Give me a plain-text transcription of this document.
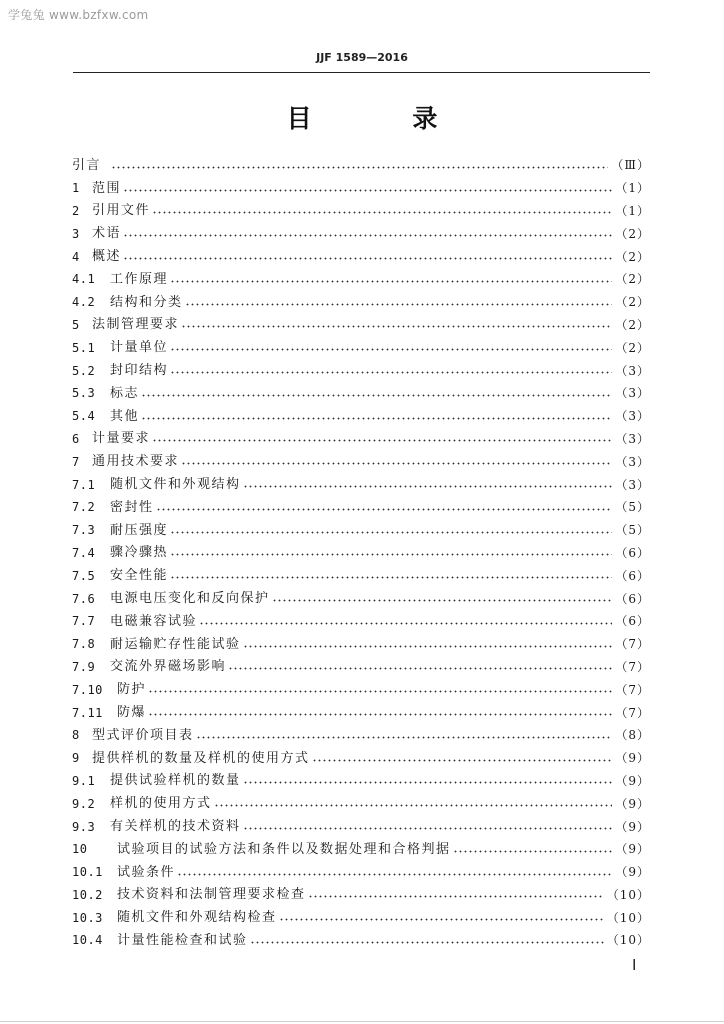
学兔兔 www.bzfxw.com
JJF 1589—2016
目 录
引言	（Ⅲ）
1 范围	（1）
2 引用文件	（1）
3 术语	（2）
4 概述	（2）
4.1	工作原理	（2）
4.2	结构和分类	（2）
5 法制管理要求	（2）
5.1	计量单位	（2）
5.2	封印结构	（3）
5.3	标志	（3）
5.4	其他	（3）
6 计量要求	（3）
7 通用技术要求	（3）
7.1	随机文件和外观结构	（3）
7.2	密封性	（5）
7.3	耐压强度	（5）
7.4	骤冷骤热	（6）
7.5	安全性能	（6）
7.6	电源电压变化和反向保护	（6）
7.7	电磁兼容试验	（6）
7.8	耐运输贮存性能试验	（7）
7.9	交流外界磁场影响	（7）
7.10	防护	（7）
7.11	防爆	（7）
8 型式评价项目表	（8）
9 提供样机的数量及样机的使用方式	（9）
9.1	提供试验样机的数量	（9）
9.2	样机的使用方式	（9）
9.3	有关样机的技术资料	（9）
10	试验项目的试验方法和条件以及数据处理和合格判据	（9）
10.1	试验条件	（9）
10.2	技术资料和法制管理要求检查	（10）
10.3	随机文件和外观结构检查	（10）
10.4	计量性能检查和试验	（10）
Ⅰ
